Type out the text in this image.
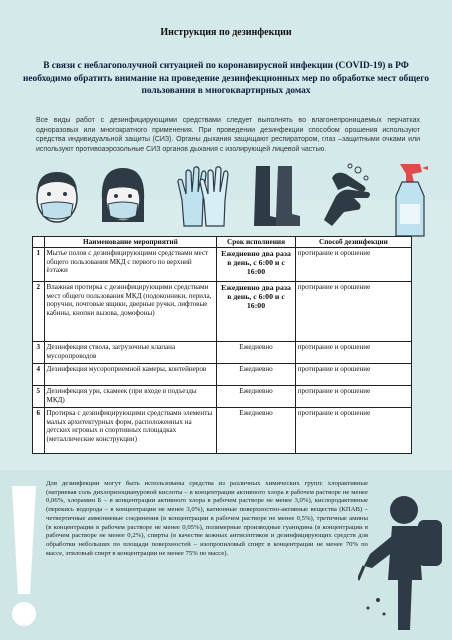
Инструкция по дезинфекции
В связи с неблагополучной ситуацией по коронавирусной инфекции (COVID-19) в РФ необходимо обратить внимание на проведение дезинфекционных мер по обработке мест общего пользования в многоквартирных домах
Все виды работ с дезинфицирующими средствами следует выполнять во влагонепроницаемых перчатках одноразовых или многократного применения. При проведении дезинфекции способом орошения используют средства индивидуальной защиты (СИЗ). Органы дыхания защищают респиратором, глаз –защитными очками или используют противоаэрозольные СИЗ органов дыхания с изолирующей лицевой частью.
	Наименование мероприятий	Срок исполнения	Способ дезинфекции
1	Мытье полов с дезинфицирующими средствами мест общего пользования МКД с первого по верхний ёэтажи	Ежедневно два раза в день, с 6:00 и с 16:00	протирание и орошение
2	Влажная протирка с дезинфицирующими средствами мест общего пользования МКД (подоконники, перила, поручни, почтовые ящики, дверные ручки, лифтовые кабины, кнопки вызова, домофоны)	Ежедневно два раза в день, с 6:00 и с 16:00	протирание и орошение
3	Дезинфекция ствола, загрузочные клапана мусоропроводов	Ежедневно	протирание и орошение
4	Дезинфекция мусороприемной камеры, контейнеров	Ежедневно	протирание и орошение
5	Дезинфекция урн, скамеек (при входе в подъезды МКД)	Ежедневно	протирание и орошение
6	Протирка с дезинфицирующими средствами элементы малых архитектурных форм, расположенных на детских игровых и спортивных площадках (металлические конструкции)	Ежедневно	протирание и орошение
Для дезинфекции могут быть использованы средства из различных химических групп: хлорактивные (натриевая соль дихлоризоциануровой кислоты – в концентрации активного хлора в рабочем растворе не менее 0,06%, хлорамин Б – в концентрации активного хлора в рабочем растворе не менее 3,0%), кислородактивные (перекись водорода – в концентрации не менее 3,0%), катионные поверхностно-активные вещества (КПАВ) – четвертичные аммониевые соединения (в концентрации в рабочем растворе не менее 0,5%), третичные амины (в концентрации в рабочем растворе не менее 0,05%), полимерные производные гуанидина (в концентрации в рабочем растворе не менее 0,2%), спирты (в качестве кожных антисептиков и дезинфицирующих средств для обработки небольших по площади поверхностей – изопропиловый спирт в концентрации не менее 70% по массе, этиловый спирт в концентрации не менее 75% по массе).
